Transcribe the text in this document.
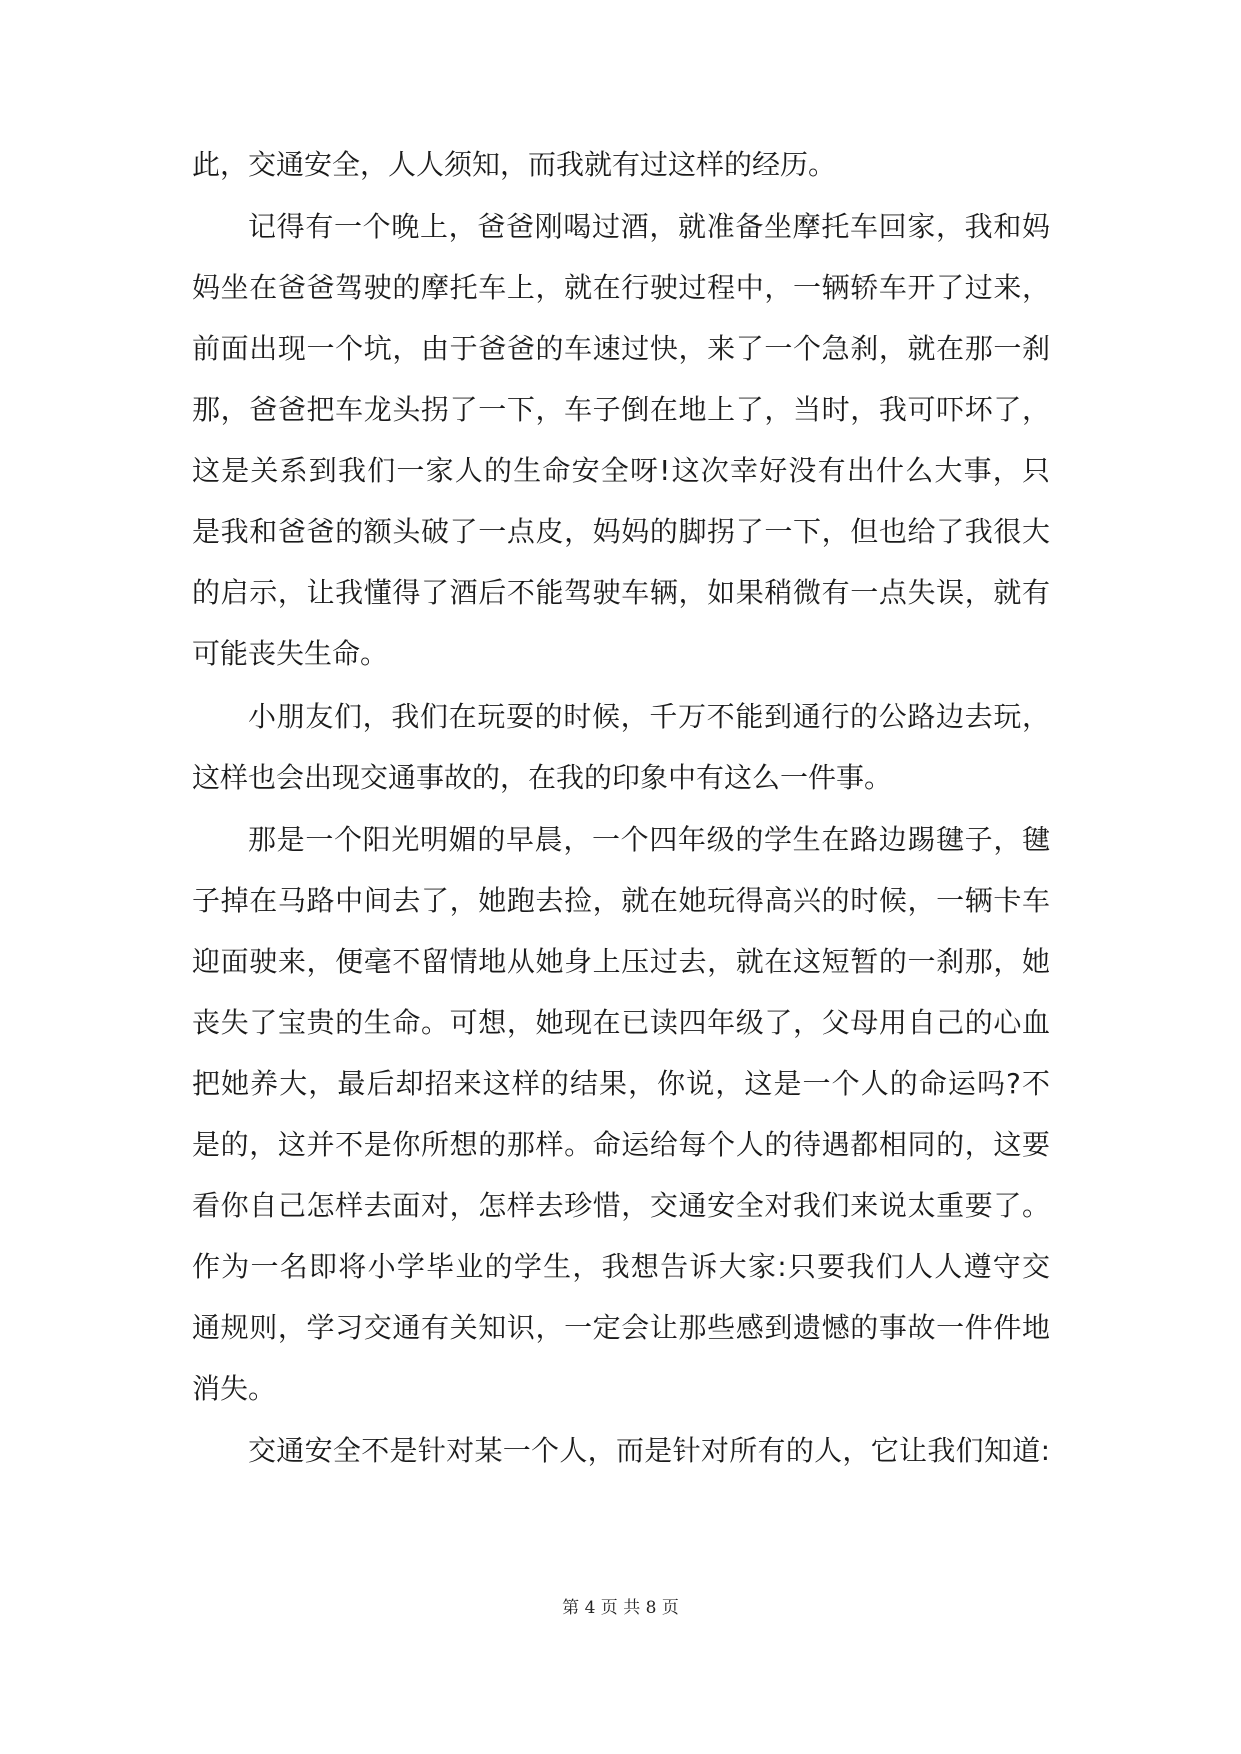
此，交通安全，人人须知，而我就有过这样的经历。
记得有一个晚上，爸爸刚喝过酒，就准备坐摩托车回家，我和妈
妈坐在爸爸驾驶的摩托车上，就在行驶过程中，一辆轿车开了过来，
前面出现一个坑，由于爸爸的车速过快，来了一个急刹，就在那一刹
那，爸爸把车龙头拐了一下，车子倒在地上了，当时，我可吓坏了，
这是关系到我们一家人的生命安全呀!这次幸好没有出什么大事，只
是我和爸爸的额头破了一点皮，妈妈的脚拐了一下，但也给了我很大
的启示，让我懂得了酒后不能驾驶车辆，如果稍微有一点失误，就有
可能丧失生命。
小朋友们，我们在玩耍的时候，千万不能到通行的公路边去玩，
这样也会出现交通事故的，在我的印象中有这么一件事。
那是一个阳光明媚的早晨，一个四年级的学生在路边踢毽子，毽
子掉在马路中间去了，她跑去捡，就在她玩得高兴的时候，一辆卡车
迎面驶来，便毫不留情地从她身上压过去，就在这短暂的一刹那，她
丧失了宝贵的生命。可想，她现在已读四年级了，父母用自己的心血
把她养大，最后却招来这样的结果，你说，这是一个人的命运吗?不
是的，这并不是你所想的那样。命运给每个人的待遇都相同的，这要
看你自己怎样去面对，怎样去珍惜，交通安全对我们来说太重要了。
作为一名即将小学毕业的学生，我想告诉大家:只要我们人人遵守交
通规则，学习交通有关知识，一定会让那些感到遗憾的事故一件件地
消失。
交通安全不是针对某一个人，而是针对所有的人，它让我们知道:
第 4 页 共 8 页
